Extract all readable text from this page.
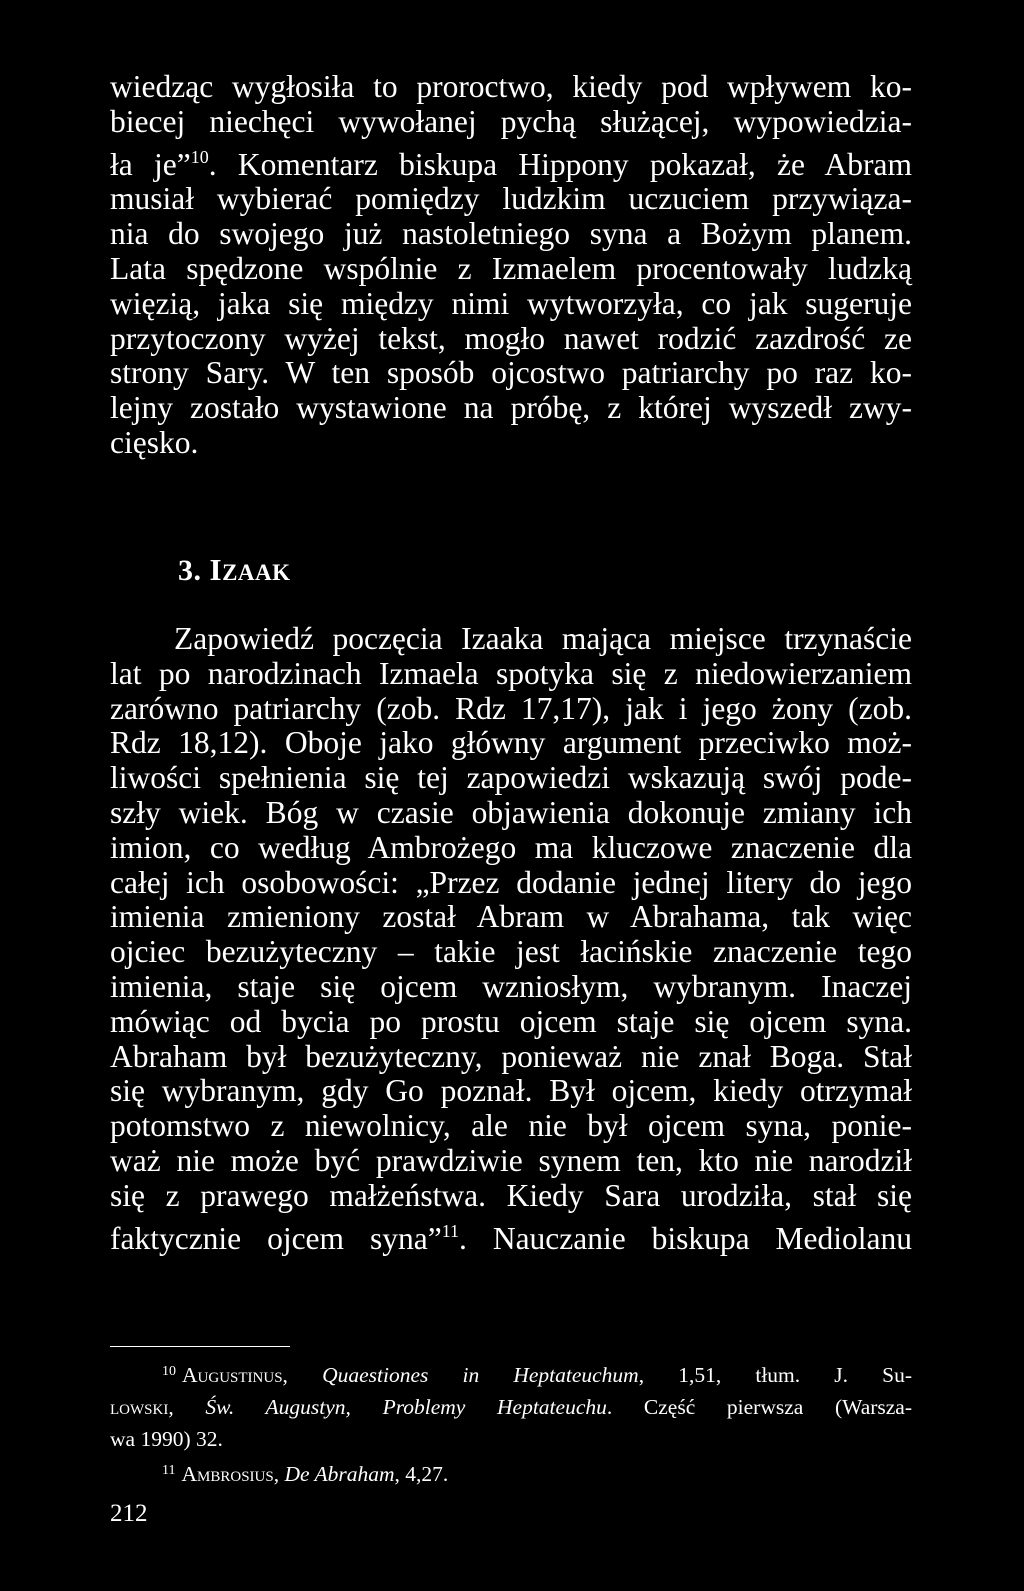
wiedząc wygłosiła to proroctwo, kiedy pod wpływem ko-
biecej niechęci wywołanej pychą służącej, wypowiedzia-
ła je”$^{10}$. Komentarz biskupa Hippony pokazał, że Abram
musiał wybierać pomiędzy ludzkim uczuciem przywiąza-
nia do swojego już nastoletniego syna a Bożym planem.
Lata spędzone wspólnie z Izmaelem procentowały ludzką
więzią, jaka się między nimi wytworzyła, co jak sugeruje
przytoczony wyżej tekst, mogło nawet rodzić zazdrość ze
strony Sary. W ten sposób ojcostwo patriarchy po raz ko-
lejny zostało wystawione na próbę, z której wyszedł zwy-
cięsko.
3. IZAAK
Zapowiedź poczęcia Izaaka mająca miejsce trzynaście
lat po narodzinach Izmaela spotyka się z niedowierzaniem
zarówno patriarchy (zob. Rdz 17,17), jak i jego żony (zob.
Rdz 18,12). Oboje jako główny argument przeciwko moż-
liwości spełnienia się tej zapowiedzi wskazują swój pode-
szły wiek. Bóg w czasie objawienia dokonuje zmiany ich
imion, co według Ambrożego ma kluczowe znaczenie dla
całej ich osobowości: „Przez dodanie jednej litery do jego
imienia zmieniony został Abram w Abrahama, tak więc
ojciec bezużyteczny – takie jest łacińskie znaczenie tego
imienia, staje się ojcem wzniosłym, wybranym. Inaczej
mówiąc od bycia po prostu ojcem staje się ojcem syna.
Abraham był bezużyteczny, ponieważ nie znał Boga. Stał
się wybranym, gdy Go poznał. Był ojcem, kiedy otrzymał
potomstwo z niewolnicy, ale nie był ojcem syna, ponie-
waż nie może być prawdziwie synem ten, kto nie narodził
się z prawego małżeństwa. Kiedy Sara urodziła, stał się
faktycznie ojcem syna”$^{11}$. Nauczanie biskupa Mediolanu
$^{10}$ Augustinus, Quaestiones in Heptateuchum, 1,51, tłum. J. Su-
lowski, Św. Augustyn, Problemy Heptateuchu. Część pierwsza (Warsza-
wa 1990) 32.
$^{11}$ Ambrosius, De Abraham, 4,27.
212
